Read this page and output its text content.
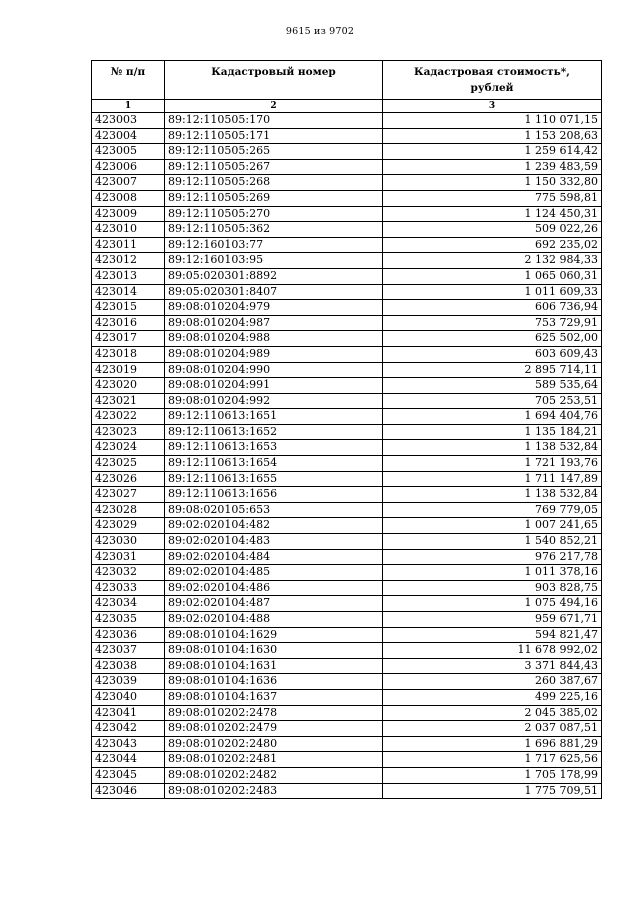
9615 из 9702
№ п/п	Кадастровый номер	Кадастровая стоимость*,
рублей
1	2	3
423003	89:12:110505:170	1 110 071,15
423004	89:12:110505:171	1 153 208,63
423005	89:12:110505:265	1 259 614,42
423006	89:12:110505:267	1 239 483,59
423007	89:12:110505:268	1 150 332,80
423008	89:12:110505:269	775 598,81
423009	89:12:110505:270	1 124 450,31
423010	89:12:110505:362	509 022,26
423011	89:12:160103:77	692 235,02
423012	89:12:160103:95	2 132 984,33
423013	89:05:020301:8892	1 065 060,31
423014	89:05:020301:8407	1 011 609,33
423015	89:08:010204:979	606 736,94
423016	89:08:010204:987	753 729,91
423017	89:08:010204:988	625 502,00
423018	89:08:010204:989	603 609,43
423019	89:08:010204:990	2 895 714,11
423020	89:08:010204:991	589 535,64
423021	89:08:010204:992	705 253,51
423022	89:12:110613:1651	1 694 404,76
423023	89:12:110613:1652	1 135 184,21
423024	89:12:110613:1653	1 138 532,84
423025	89:12:110613:1654	1 721 193,76
423026	89:12:110613:1655	1 711 147,89
423027	89:12:110613:1656	1 138 532,84
423028	89:08:020105:653	769 779,05
423029	89:02:020104:482	1 007 241,65
423030	89:02:020104:483	1 540 852,21
423031	89:02:020104:484	976 217,78
423032	89:02:020104:485	1 011 378,16
423033	89:02:020104:486	903 828,75
423034	89:02:020104:487	1 075 494,16
423035	89:02:020104:488	959 671,71
423036	89:08:010104:1629	594 821,47
423037	89:08:010104:1630	11 678 992,02
423038	89:08:010104:1631	3 371 844,43
423039	89:08:010104:1636	260 387,67
423040	89:08:010104:1637	499 225,16
423041	89:08:010202:2478	2 045 385,02
423042	89:08:010202:2479	2 037 087,51
423043	89:08:010202:2480	1 696 881,29
423044	89:08:010202:2481	1 717 625,56
423045	89:08:010202:2482	1 705 178,99
423046	89:08:010202:2483	1 775 709,51
